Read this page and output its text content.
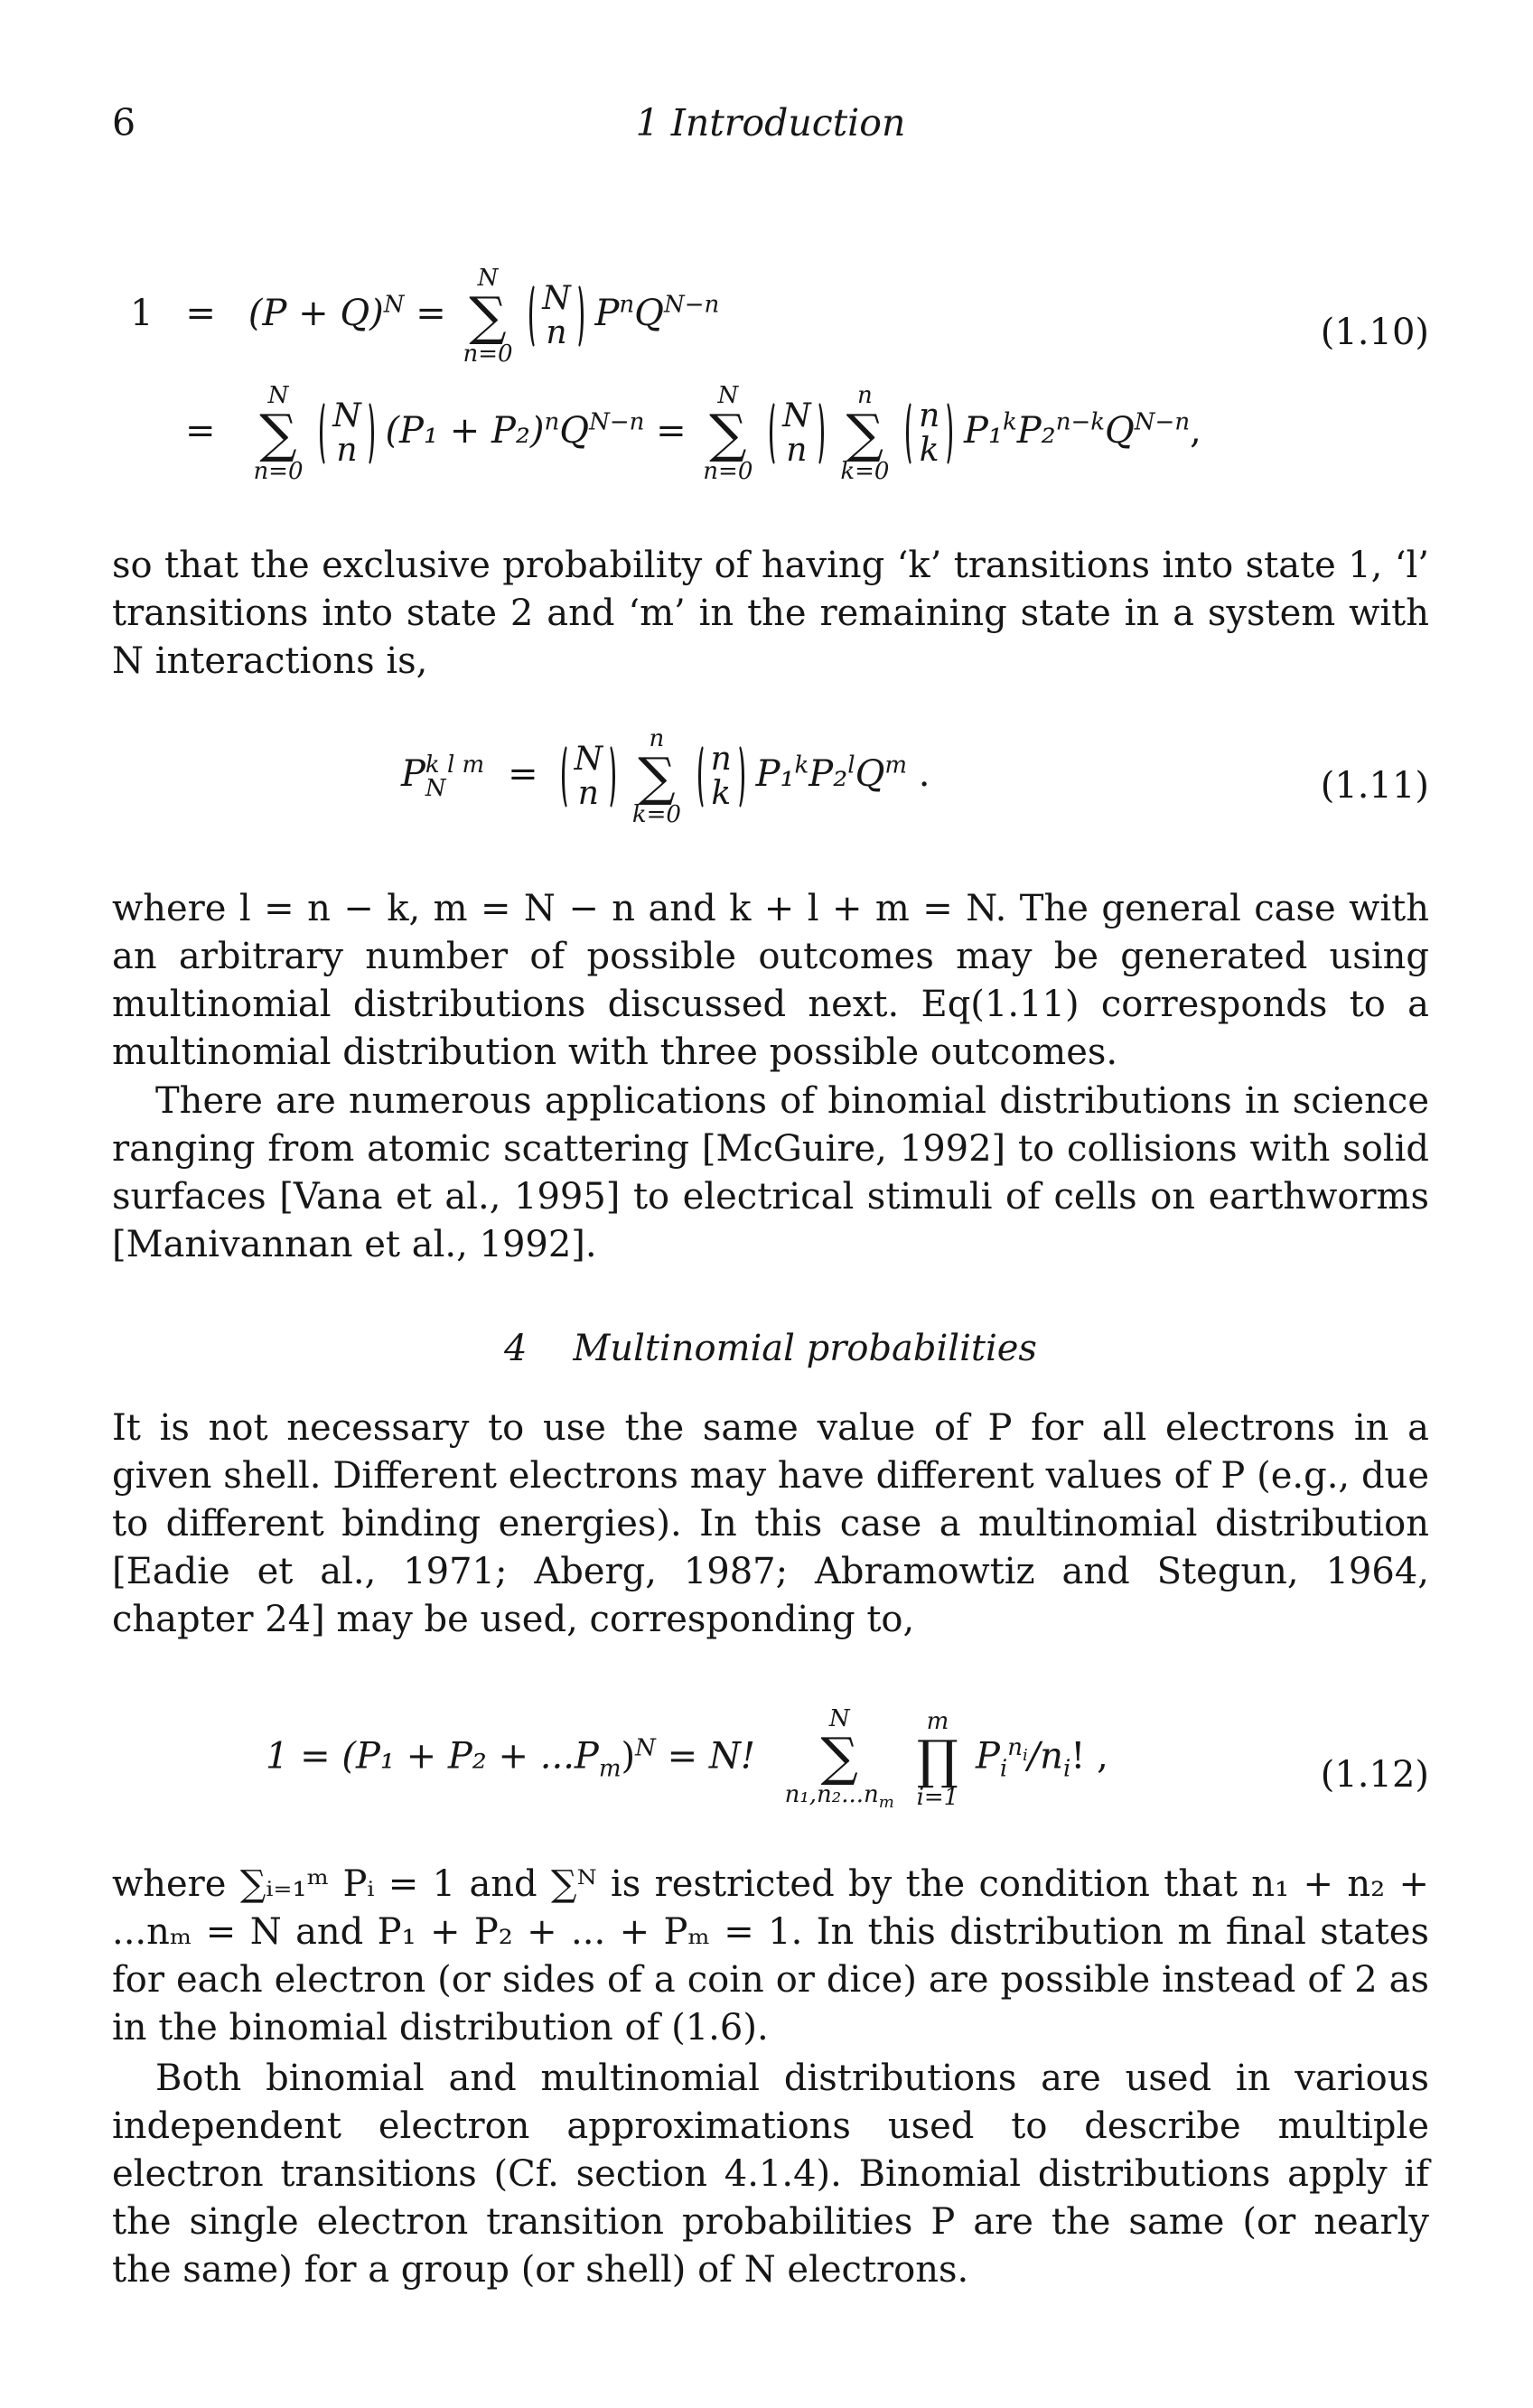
6	1 Introduction
$1 = (P + Q)^N$ =
N
∑
n=0

N
n $P^nQ^{N-n}$
=
N
∑
n=0

N
n $(P_1 + P_2)^nQ^{N-n}$ =
N
∑
n=0

N
n

n
∑
k=0

n
k $P_1^kP_2^{n-k}Q^{N-n}$,
(1.10)
so that the exclusive probability of having ‘k’ transitions into state 1, ‘l’ transitions into state 2 and ‘m’ in the remaining state in a system with N interactions is,
P k l m
N	= N
n

n
∑
k=0

n
k $P_1^kP_2^lQ^m$ .	(1.11)
where l = n − k, m = N − n and k + l + m = N. The general case with an arbitrary number of possible outcomes may be generated using multinomial distributions discussed next. Eq(1.11) corresponds to a multinomial distribution with three possible outcomes.
There are numerous applications of binomial distributions in science ranging from atomic scattering [McGuire, 1992] to collisions with solid surfaces [Vana et al., 1995] to electrical stimuli of cells on earthworms [Manivannan et al., 1992].
4 Multinomial probabilities
It is not necessary to use the same value of P for all electrons in a given shell. Different electrons may have different values of P (e.g., due to different binding energies). In this case a multinomial distribution [Eadie et al., 1971; Aberg, 1987; Abramowtiz and Stegun, 1964, chapter 24] may be used, corresponding to,
$1 = (P_1 + P_2 + ...P_m)^N = N$!
N
∑
$n_1,n_2...n_m$

m
∏
i=1
$P_i^{n_i}/n_i$! ,	(1.12)
where ∑ᵢ₌₁ᵐ Pᵢ = 1 and ∑ᴺ is restricted by the condition that n₁ + n₂ + ...nₘ = N and P₁ + P₂ + ... + Pₘ = 1. In this distribution m final states for each electron (or sides of a coin or dice) are possible instead of 2 as in the binomial distribution of (1.6).
Both binomial and multinomial distributions are used in various independent electron approximations used to describe multiple electron transitions (Cf. section 4.1.4). Binomial distributions apply if the single electron transition probabilities P are the same (or nearly the same) for a group (or shell) of N electrons.
